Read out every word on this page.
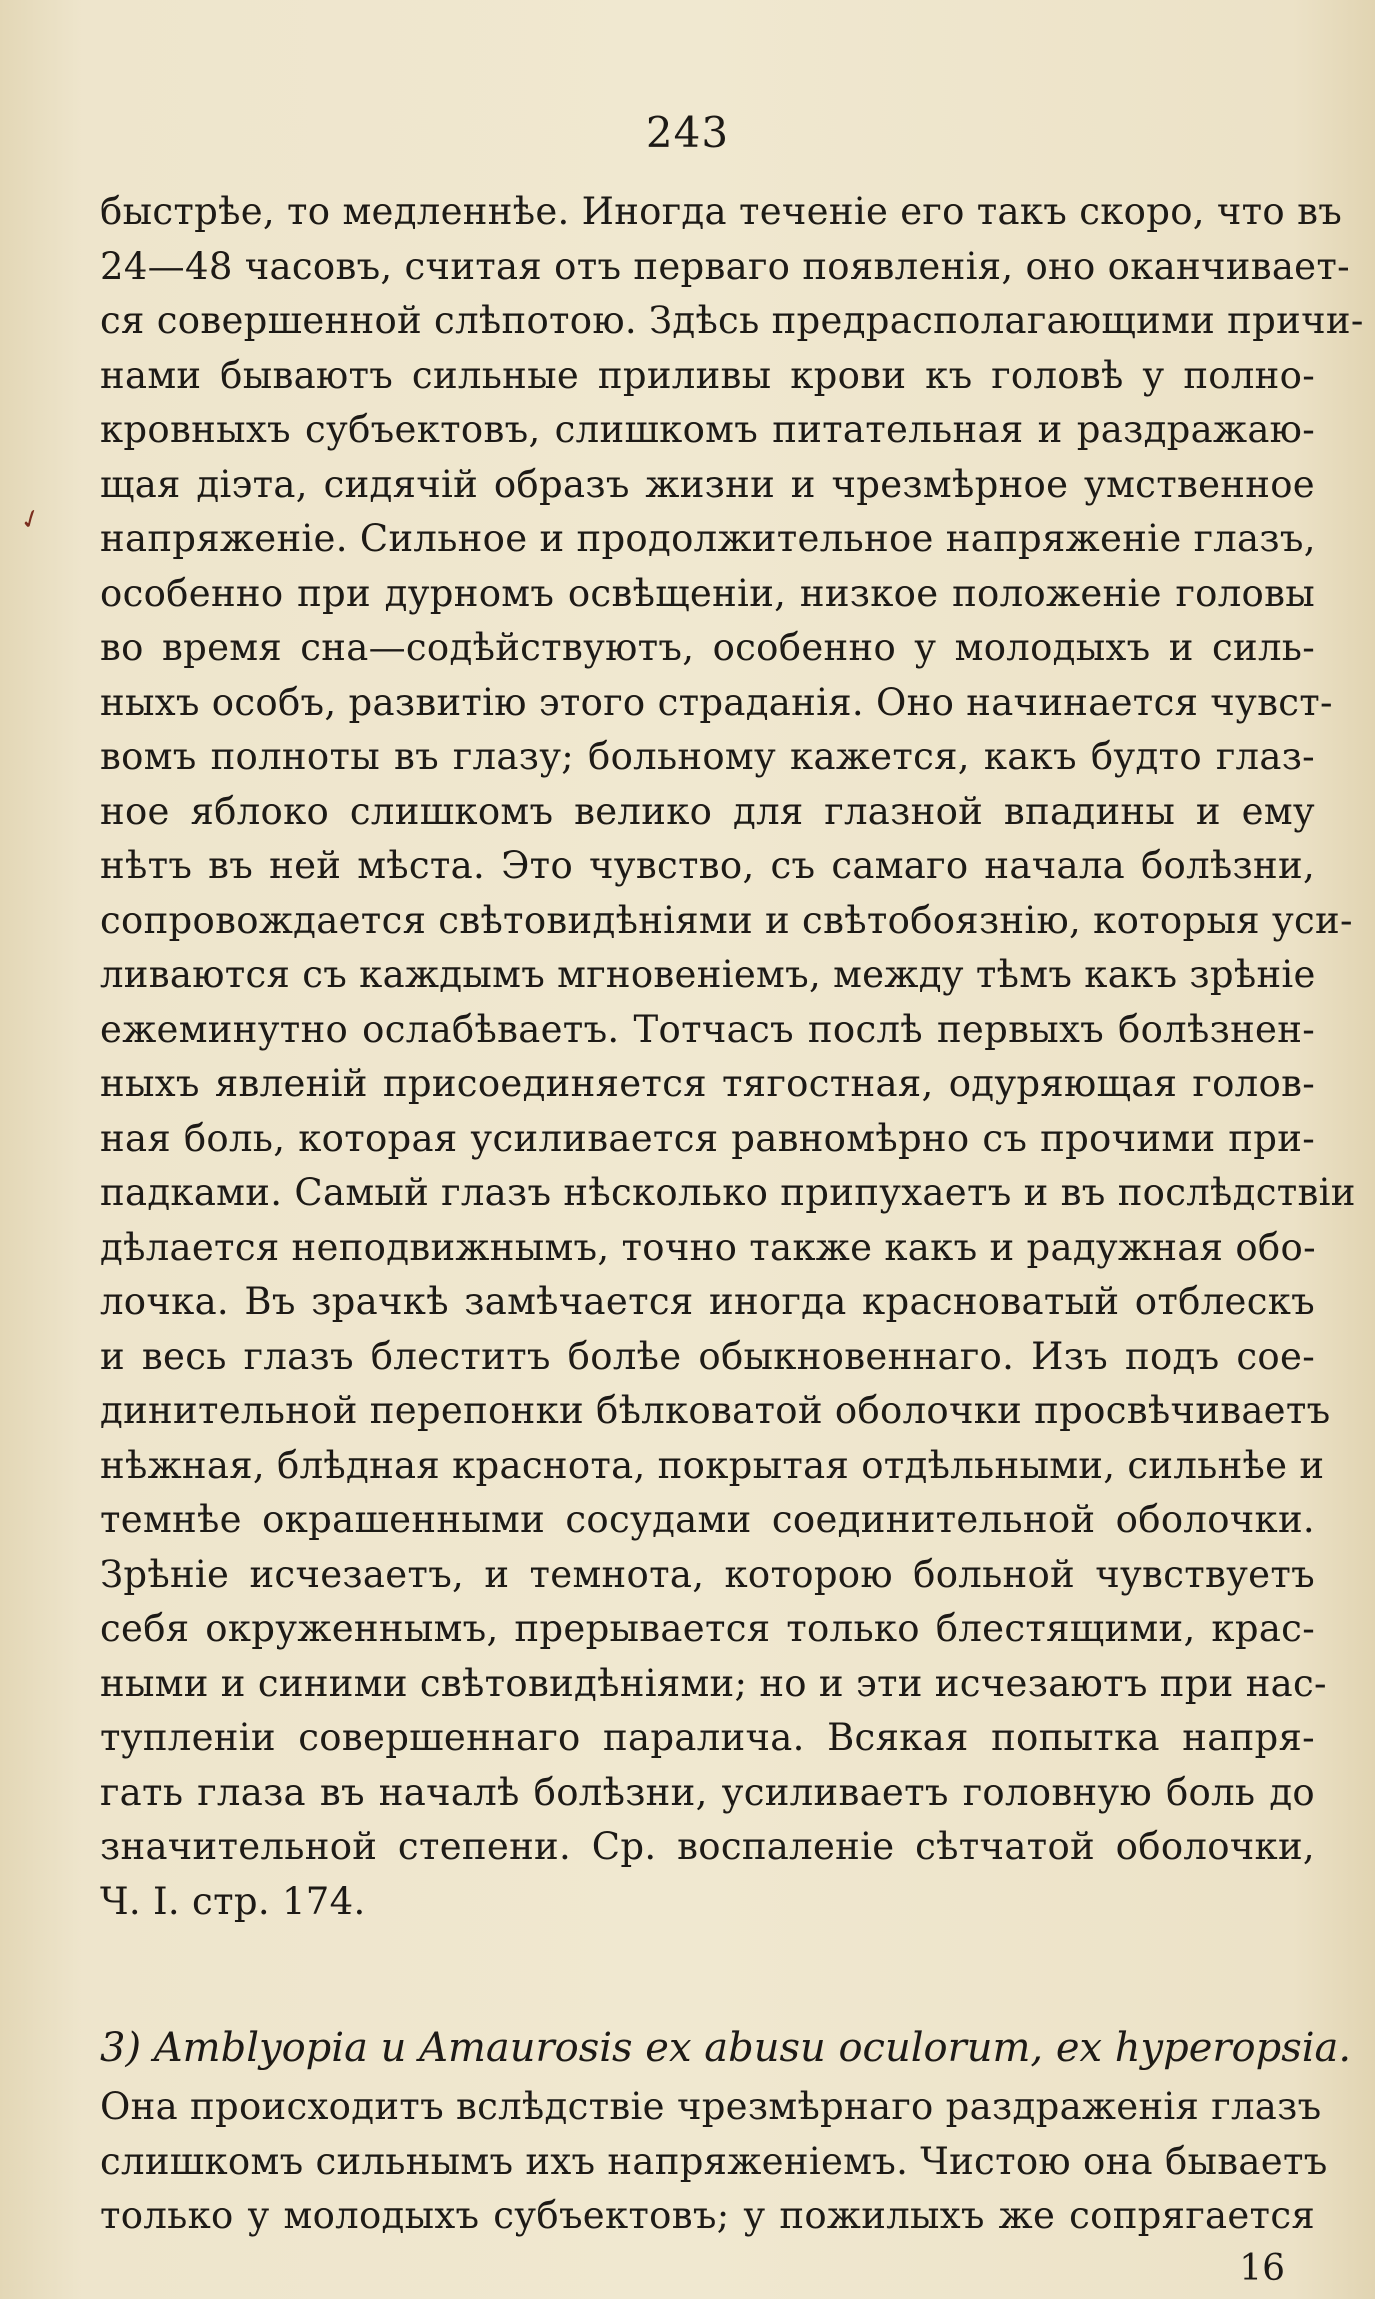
243
✓
быстрѣе, то медленнѣе. Иногда теченіе его такъ скоро, что въ
24—48 часовъ, считая отъ перваго появленія, оно оканчивает-
ся совершенной слѣпотою. Здѣсь предрасполагающими причи-
нами бываютъ сильные приливы крови къ головѣ у полно-
кровныхъ субъектовъ, слишкомъ питательная и раздражаю-
щая діэта, сидячій образъ жизни и чрезмѣрное умственное
напряженіе. Сильное и продолжительное напряженіе глазъ,
особенно при дурномъ освѣщеніи, низкое положеніе головы
во время сна—содѣйствуютъ, особенно у молодыхъ и силь-
ныхъ особъ, развитію этого страданія. Оно начинается чувст-
вомъ полноты въ глазу; больному кажется, какъ будто глаз-
ное яблоко слишкомъ велико для глазной впадины и ему
нѣтъ въ ней мѣста. Это чувство, съ самаго начала болѣзни,
сопровождается свѣтовидѣніями и свѣтобоязнію, которыя уси-
ливаются съ каждымъ мгновеніемъ, между тѣмъ какъ зрѣніе
ежеминутно ослабѣваетъ. Тотчасъ послѣ первыхъ болѣзнен-
ныхъ явленій присоединяется тягостная, одуряющая голов-
ная боль, которая усиливается равномѣрно съ прочими при-
падками. Самый глазъ нѣсколько припухаетъ и въ послѣдствіи
дѣлается неподвижнымъ, точно также какъ и радужная обо-
лочка. Въ зрачкѣ замѣчается иногда красноватый отблескъ
и весь глазъ блеститъ болѣе обыкновеннаго. Изъ подъ сое-
динительной перепонки бѣлковатой оболочки просвѣчиваетъ
нѣжная, блѣдная краснота, покрытая отдѣльными, сильнѣе и
темнѣе окрашенными сосудами соединительной оболочки.
Зрѣніе исчезаетъ, и темнота, которою больной чувствуетъ
себя окруженнымъ, прерывается только блестящими, крас-
ными и синими свѣтовидѣніями; но и эти исчезаютъ при нас-
тупленіи совершеннаго паралича. Всякая попытка напря-
гать глаза въ началѣ болѣзни, усиливаетъ головную боль до
значительной степени. Ср. воспаленіе сѣтчатой оболочки,
Ч. I. стр. 174.
3) Amblyopia и Amaurosis ex abusu oculorum, ex hyperopsia.
Она происходитъ вслѣдствіе чрезмѣрнаго раздраженія глазъ
слишкомъ сильнымъ ихъ напряженіемъ. Чистою она бываетъ
только у молодыхъ субъектовъ; у пожилыхъ же сопрягается
16
